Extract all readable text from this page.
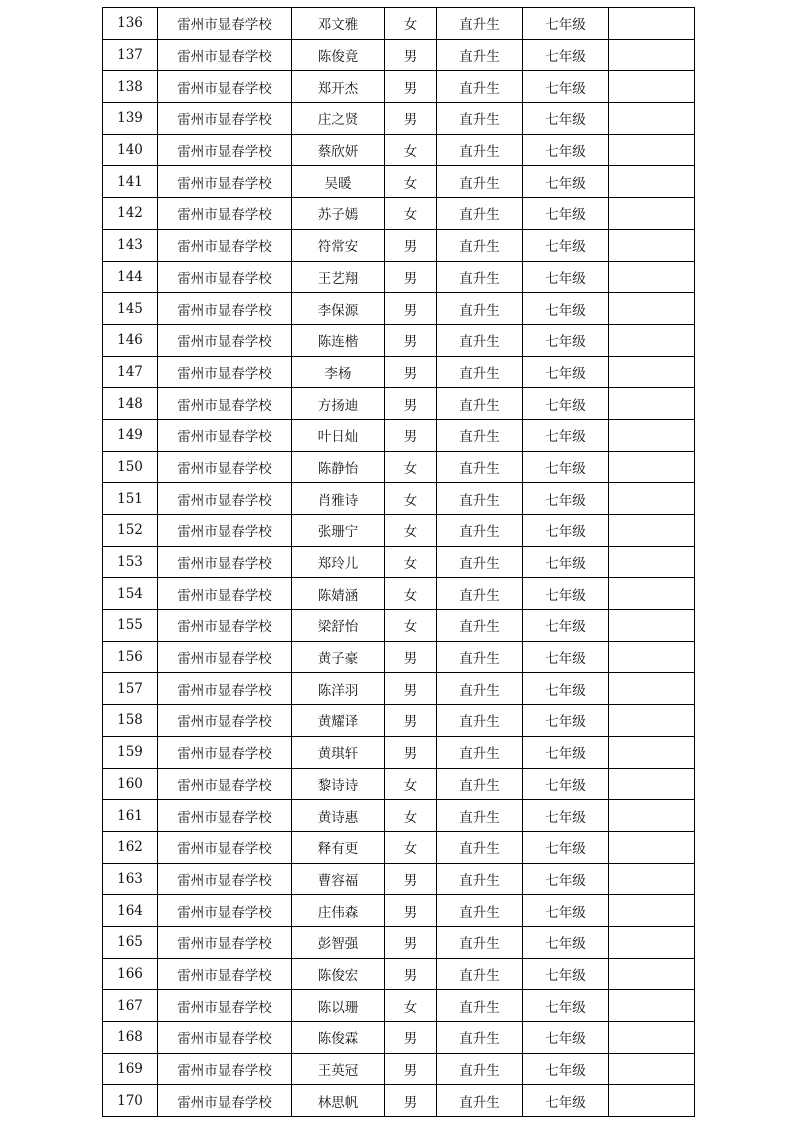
136	雷州市显春学校	邓文雅	女	直升生	七年级	
137	雷州市显春学校	陈俊竟	男	直升生	七年级	
138	雷州市显春学校	郑开杰	男	直升生	七年级	
139	雷州市显春学校	庄之贤	男	直升生	七年级	
140	雷州市显春学校	蔡欣妍	女	直升生	七年级	
141	雷州市显春学校	吴暖	女	直升生	七年级	
142	雷州市显春学校	苏子嫣	女	直升生	七年级	
143	雷州市显春学校	符常安	男	直升生	七年级	
144	雷州市显春学校	王艺翔	男	直升生	七年级	
145	雷州市显春学校	李保源	男	直升生	七年级	
146	雷州市显春学校	陈连楷	男	直升生	七年级	
147	雷州市显春学校	李杨	男	直升生	七年级	
148	雷州市显春学校	方扬迪	男	直升生	七年级	
149	雷州市显春学校	叶日灿	男	直升生	七年级	
150	雷州市显春学校	陈静怡	女	直升生	七年级	
151	雷州市显春学校	肖雅诗	女	直升生	七年级	
152	雷州市显春学校	张珊宁	女	直升生	七年级	
153	雷州市显春学校	郑玲儿	女	直升生	七年级	
154	雷州市显春学校	陈婧涵	女	直升生	七年级	
155	雷州市显春学校	梁舒怡	女	直升生	七年级	
156	雷州市显春学校	黄子豪	男	直升生	七年级	
157	雷州市显春学校	陈洋羽	男	直升生	七年级	
158	雷州市显春学校	黄耀译	男	直升生	七年级	
159	雷州市显春学校	黄琪轩	男	直升生	七年级	
160	雷州市显春学校	黎诗诗	女	直升生	七年级	
161	雷州市显春学校	黄诗惠	女	直升生	七年级	
162	雷州市显春学校	释有更	女	直升生	七年级	
163	雷州市显春学校	曹容福	男	直升生	七年级	
164	雷州市显春学校	庄伟森	男	直升生	七年级	
165	雷州市显春学校	彭智强	男	直升生	七年级	
166	雷州市显春学校	陈俊宏	男	直升生	七年级	
167	雷州市显春学校	陈以珊	女	直升生	七年级	
168	雷州市显春学校	陈俊霖	男	直升生	七年级	
169	雷州市显春学校	王英冠	男	直升生	七年级	
170	雷州市显春学校	林思帆	男	直升生	七年级	
